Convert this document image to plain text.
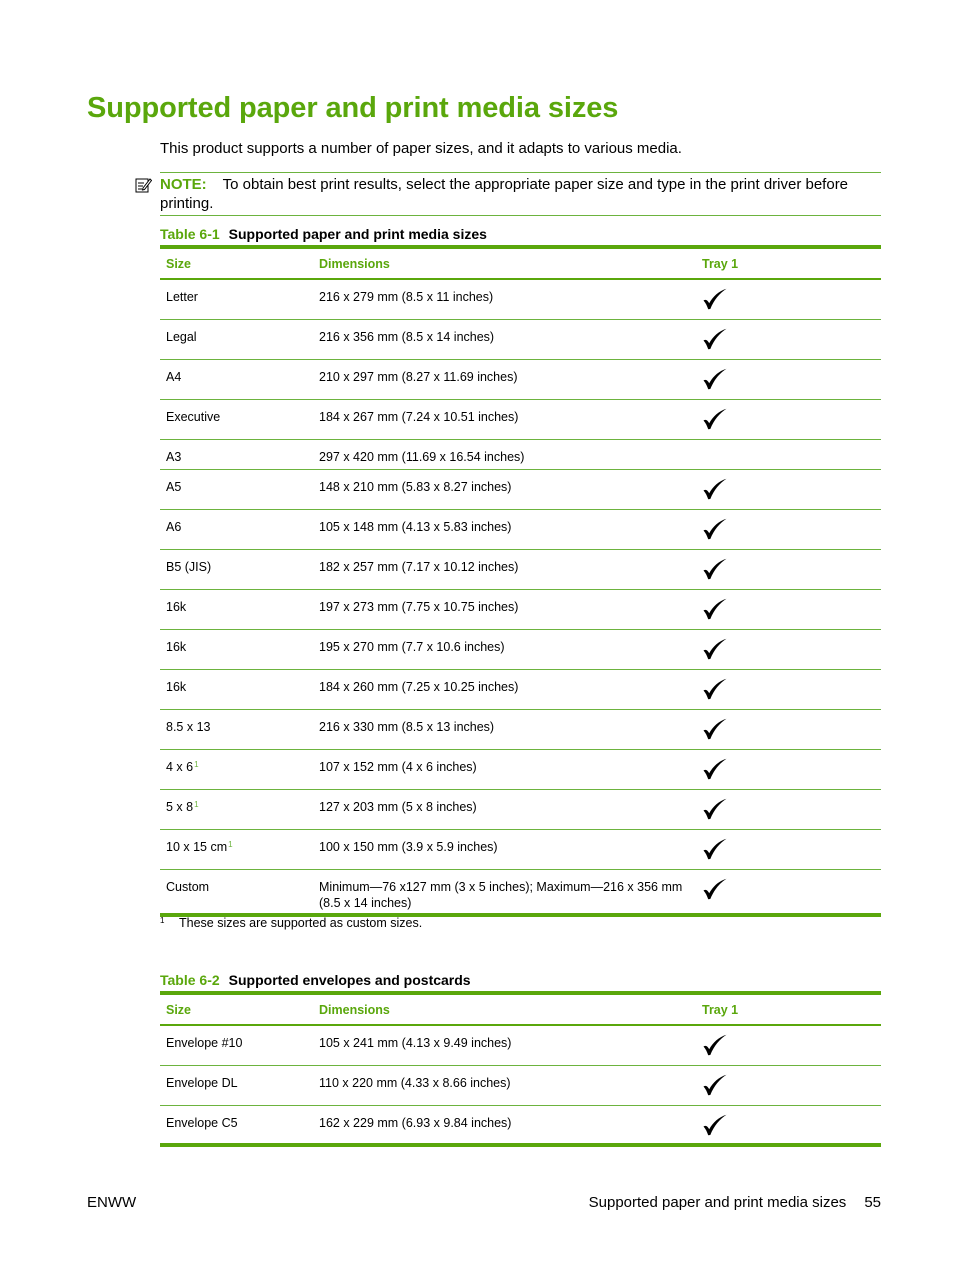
Supported paper and print media sizes
This product supports a number of paper sizes, and it adapts to various media.
NOTE: To obtain best print results, select the appropriate paper size and type in the print driver before printing.
Table 6-1 Supported paper and print media sizes
Size	Dimensions	Tray 1
Letter	216 x 279 mm (8.5 x 11 inches)	

Legal	216 x 356 mm (8.5 x 14 inches)	

A4	210 x 297 mm (8.27 x 11.69 inches)	

Executive	184 x 267 mm (7.24 x 10.51 inches)	

A3	297 x 420 mm (11.69 x 16.54 inches)	
A5	148 x 210 mm (5.83 x 8.27 inches)	

A6	105 x 148 mm (4.13 x 5.83 inches)	

B5 (JIS)	182 x 257 mm (7.17 x 10.12 inches)	

16k	197 x 273 mm (7.75 x 10.75 inches)	

16k	195 x 270 mm (7.7 x 10.6 inches)	

16k	184 x 260 mm (7.25 x 10.25 inches)	

8.5 x 13	216 x 330 mm (8.5 x 13 inches)	

4 x $6^1$	107 x 152 mm (4 x 6 inches)	

5 x $8^1$	127 x 203 mm (5 x 8 inches)	

10 x 15 $cm^1$	100 x 150 mm (3.9 x 5.9 inches)	

Custom	Minimum—76 x127 mm (3 x 5 inches); Maximum—216 x 356 mm (8.5 x 14 inches)	
1 These sizes are supported as custom sizes.
Table 6-2 Supported envelopes and postcards
Size	Dimensions	Tray 1
Envelope #10	105 x 241 mm (4.13 x 9.49 inches)	

Envelope DL	110 x 220 mm (4.33 x 8.66 inches)	

Envelope C5	162 x 229 mm (6.93 x 9.84 inches)	
ENWW	Supported paper and print media sizes 55
